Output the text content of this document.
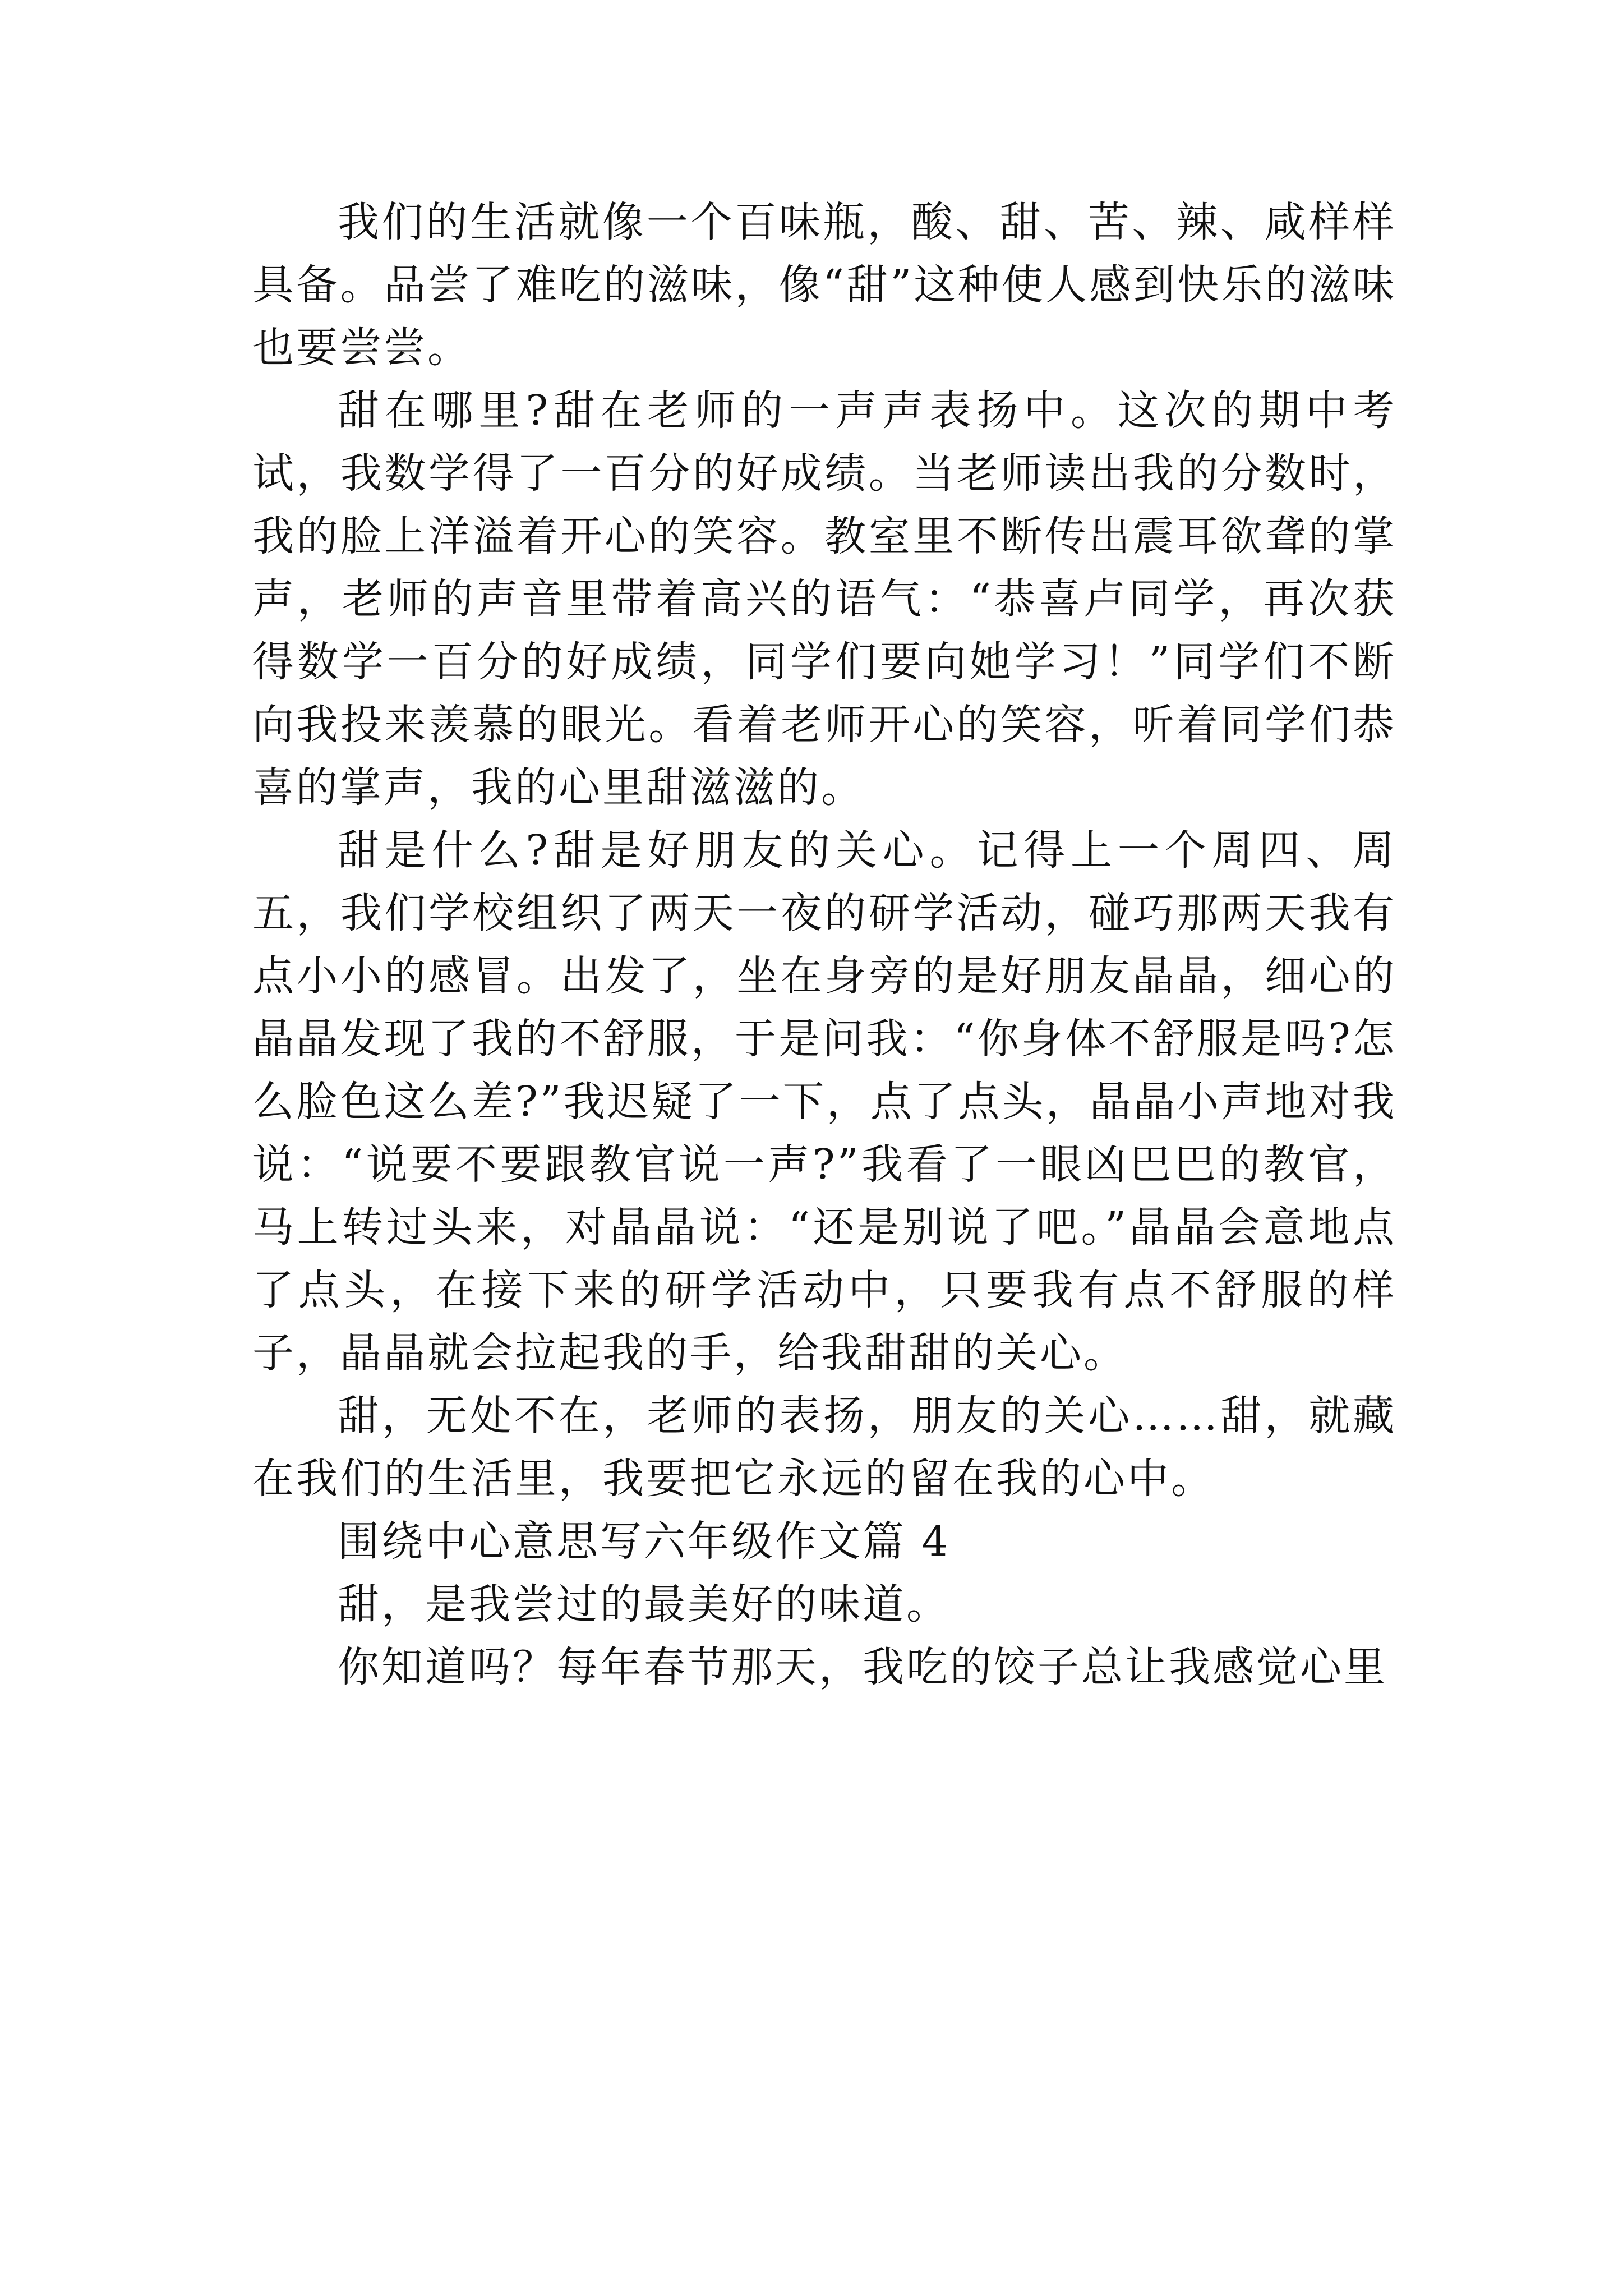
我们的生活就像一个百味瓶，酸、甜、苦、辣、咸样样具备。品尝了难吃的滋味，像“甜”这种使人感到快乐的滋味也要尝尝。

甜在哪里?甜在老师的一声声表扬中。这次的期中考试，我数学得了一百分的好成绩。当老师读出我的分数时，我的脸上洋溢着开心的笑容。教室里不断传出震耳欲聋的掌声，老师的声音里带着高兴的语气：“恭喜卢同学，再次获得数学一百分的好成绩，同学们要向她学习！”同学们不断向我投来羡慕的眼光。看着老师开心的笑容，听着同学们恭喜的掌声，我的心里甜滋滋的。

甜是什么?甜是好朋友的关心。记得上一个周四、周五，我们学校组织了两天一夜的研学活动，碰巧那两天我有点小小的感冒。出发了，坐在身旁的是好朋友晶晶，细心的晶晶发现了我的不舒服，于是问我：“你身体不舒服是吗?怎么脸色这么差?”我迟疑了一下，点了点头，晶晶小声地对我说：“说要不要跟教官说一声?”我看了一眼凶巴巴的教官，马上转过头来，对晶晶说：“还是别说了吧。”晶晶会意地点了点头，在接下来的研学活动中，只要我有点不舒服的样子，晶晶就会拉起我的手，给我甜甜的关心。

甜，无处不在，老师的表扬，朋友的关心……甜，就藏在我们的生活里，我要把它永远的留在我的心中。

围绕中心意思写六年级作文篇 4

甜，是我尝过的最美好的味道。

你知道吗？每年春节那天，我吃的饺子总让我感觉心里
